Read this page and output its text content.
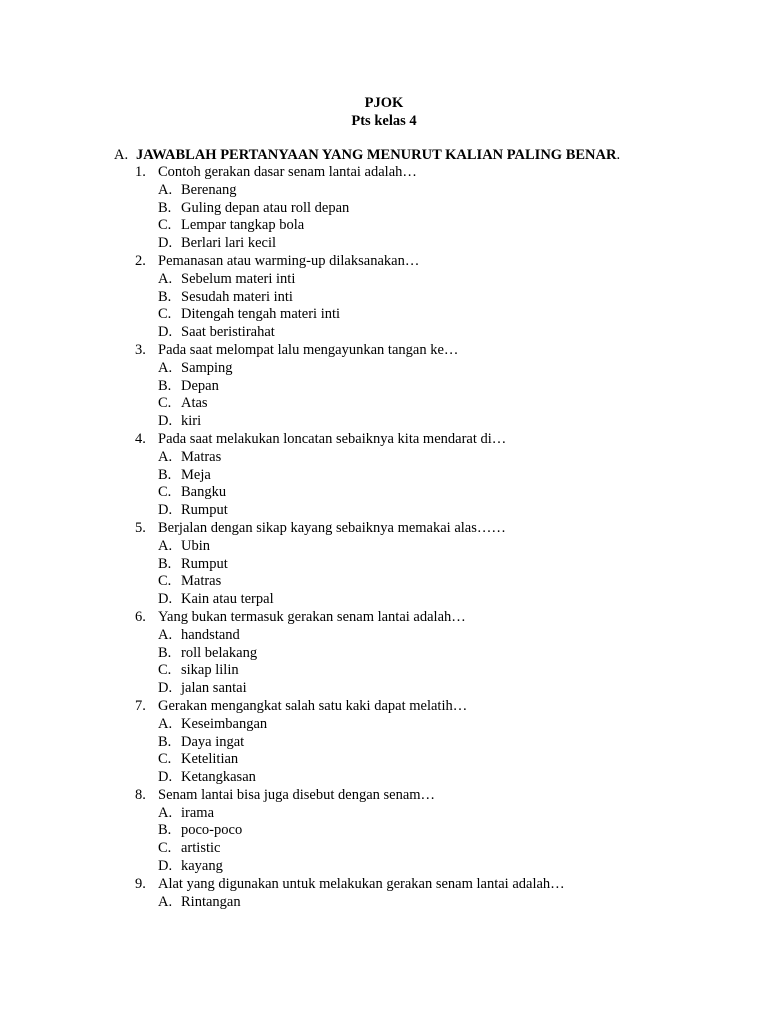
PJOK
Pts kelas 4
A. JAWABLAH PERTANYAAN YANG MENURUT KALIAN PALING BENAR.
1. Contoh gerakan dasar senam lantai adalah…
A. Berenang
B. Guling depan atau roll depan
C. Lempar tangkap bola
D. Berlari lari kecil
2. Pemanasan atau warming-up dilaksanakan…
A. Sebelum materi inti
B. Sesudah materi inti
C. Ditengah tengah materi inti
D. Saat beristirahat
3. Pada saat melompat lalu mengayunkan tangan ke…
A. Samping
B. Depan
C. Atas
D. kiri
4. Pada saat melakukan loncatan sebaiknya kita mendarat di…
A. Matras
B. Meja
C. Bangku
D. Rumput
5. Berjalan dengan sikap kayang sebaiknya memakai alas……
A. Ubin
B. Rumput
C. Matras
D. Kain atau terpal
6. Yang bukan termasuk gerakan senam lantai adalah…
A. handstand
B. roll belakang
C. sikap lilin
D. jalan santai
7. Gerakan mengangkat salah satu kaki dapat melatih…
A. Keseimbangan
B. Daya ingat
C. Ketelitian
D. Ketangkasan
8. Senam lantai bisa juga disebut dengan senam…
A. irama
B. poco-poco
C. artistic
D. kayang
9. Alat yang digunakan untuk melakukan gerakan senam lantai adalah…
A. Rintangan
